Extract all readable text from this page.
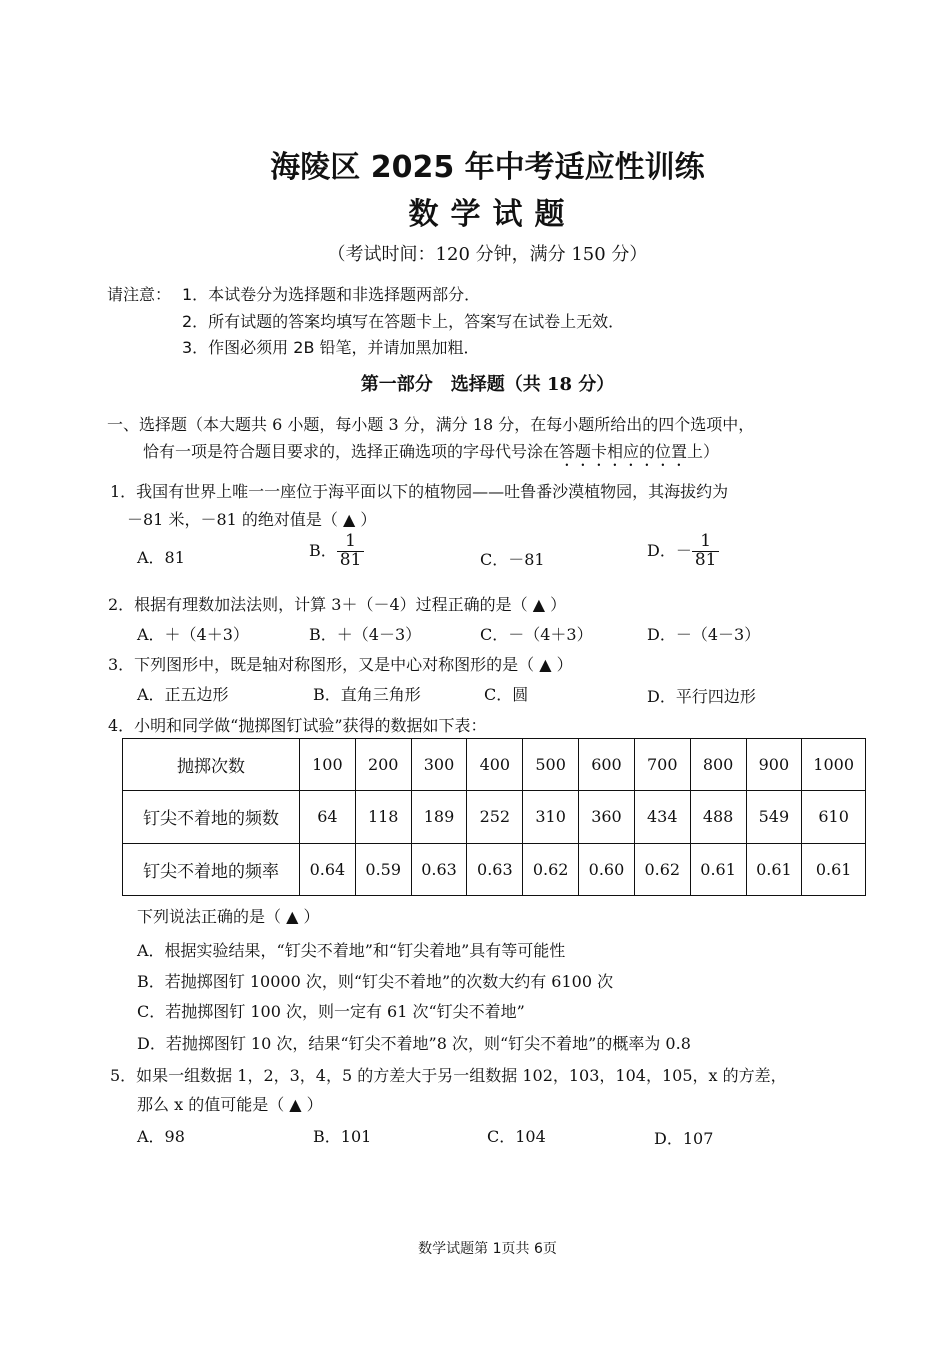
海陵区 2025 年中考适应性训练
数学试题
（考试时间：120 分钟，满分 150 分）
请注意： 1．本试卷分为选择题和非选择题两部分．
2．所有试题的答案均填写在答题卡上，答案写在试卷上无效．
3．作图必须用 2B 铅笔，并请加黑加粗．
第一部分　选择题（共 18 分）
一、选择题（本大题共 6 小题，每小题 3 分，满分 18 分，在每小题所给出的四个选项中，
恰有一项是符合题目要求的，选择正确选项的字母代号涂在答题卡相应的位置上）
1．我国有世界上唯一一座位于海平面以下的植物园——吐鲁番沙漠植物园，其海拔约为
－81 米，－81 的绝对值是（ ▲ ）
A．81	B． $\frac{1}{81}$	C．－81	D．－ $\frac{1}{81}$
2．根据有理数加法法则，计算 3＋（－4）过程正确的是（ ▲ ）
A．＋（4＋3）	B．＋（4－3）	C．－（4＋3）	D．－（4－3）
3．下列图形中，既是轴对称图形，又是中心对称图形的是（ ▲ ）
A．正五边形	B．直角三角形	C．圆	D．平行四边形
4．小明和同学做“抛掷图钉试验”获得的数据如下表：
抛掷次数	100	200	300	400	500	600	700	800	900	1000
钉尖不着地的频数	64	118	189	252	310	360	434	488	549	610
钉尖不着地的频率	0.64	0.59	0.63	0.63	0.62	0.60	0.62	0.61	0.61	0.61
下列说法正确的是（ ▲ ）
A．根据实验结果，“钉尖不着地”和“钉尖着地”具有等可能性
B．若抛掷图钉 10000 次，则“钉尖不着地”的次数大约有 6100 次
C．若抛掷图钉 100 次，则一定有 61 次“钉尖不着地”
D．若抛掷图钉 10 次，结果“钉尖不着地”8 次，则“钉尖不着地”的概率为 0.8
5．如果一组数据 1，2，3，4，5 的方差大于另一组数据 102，103，104，105，x 的方差，
那么 x 的值可能是（ ▲ ）
A．98	B．101	C．104	D．107
数学试题第 1页共 6页
